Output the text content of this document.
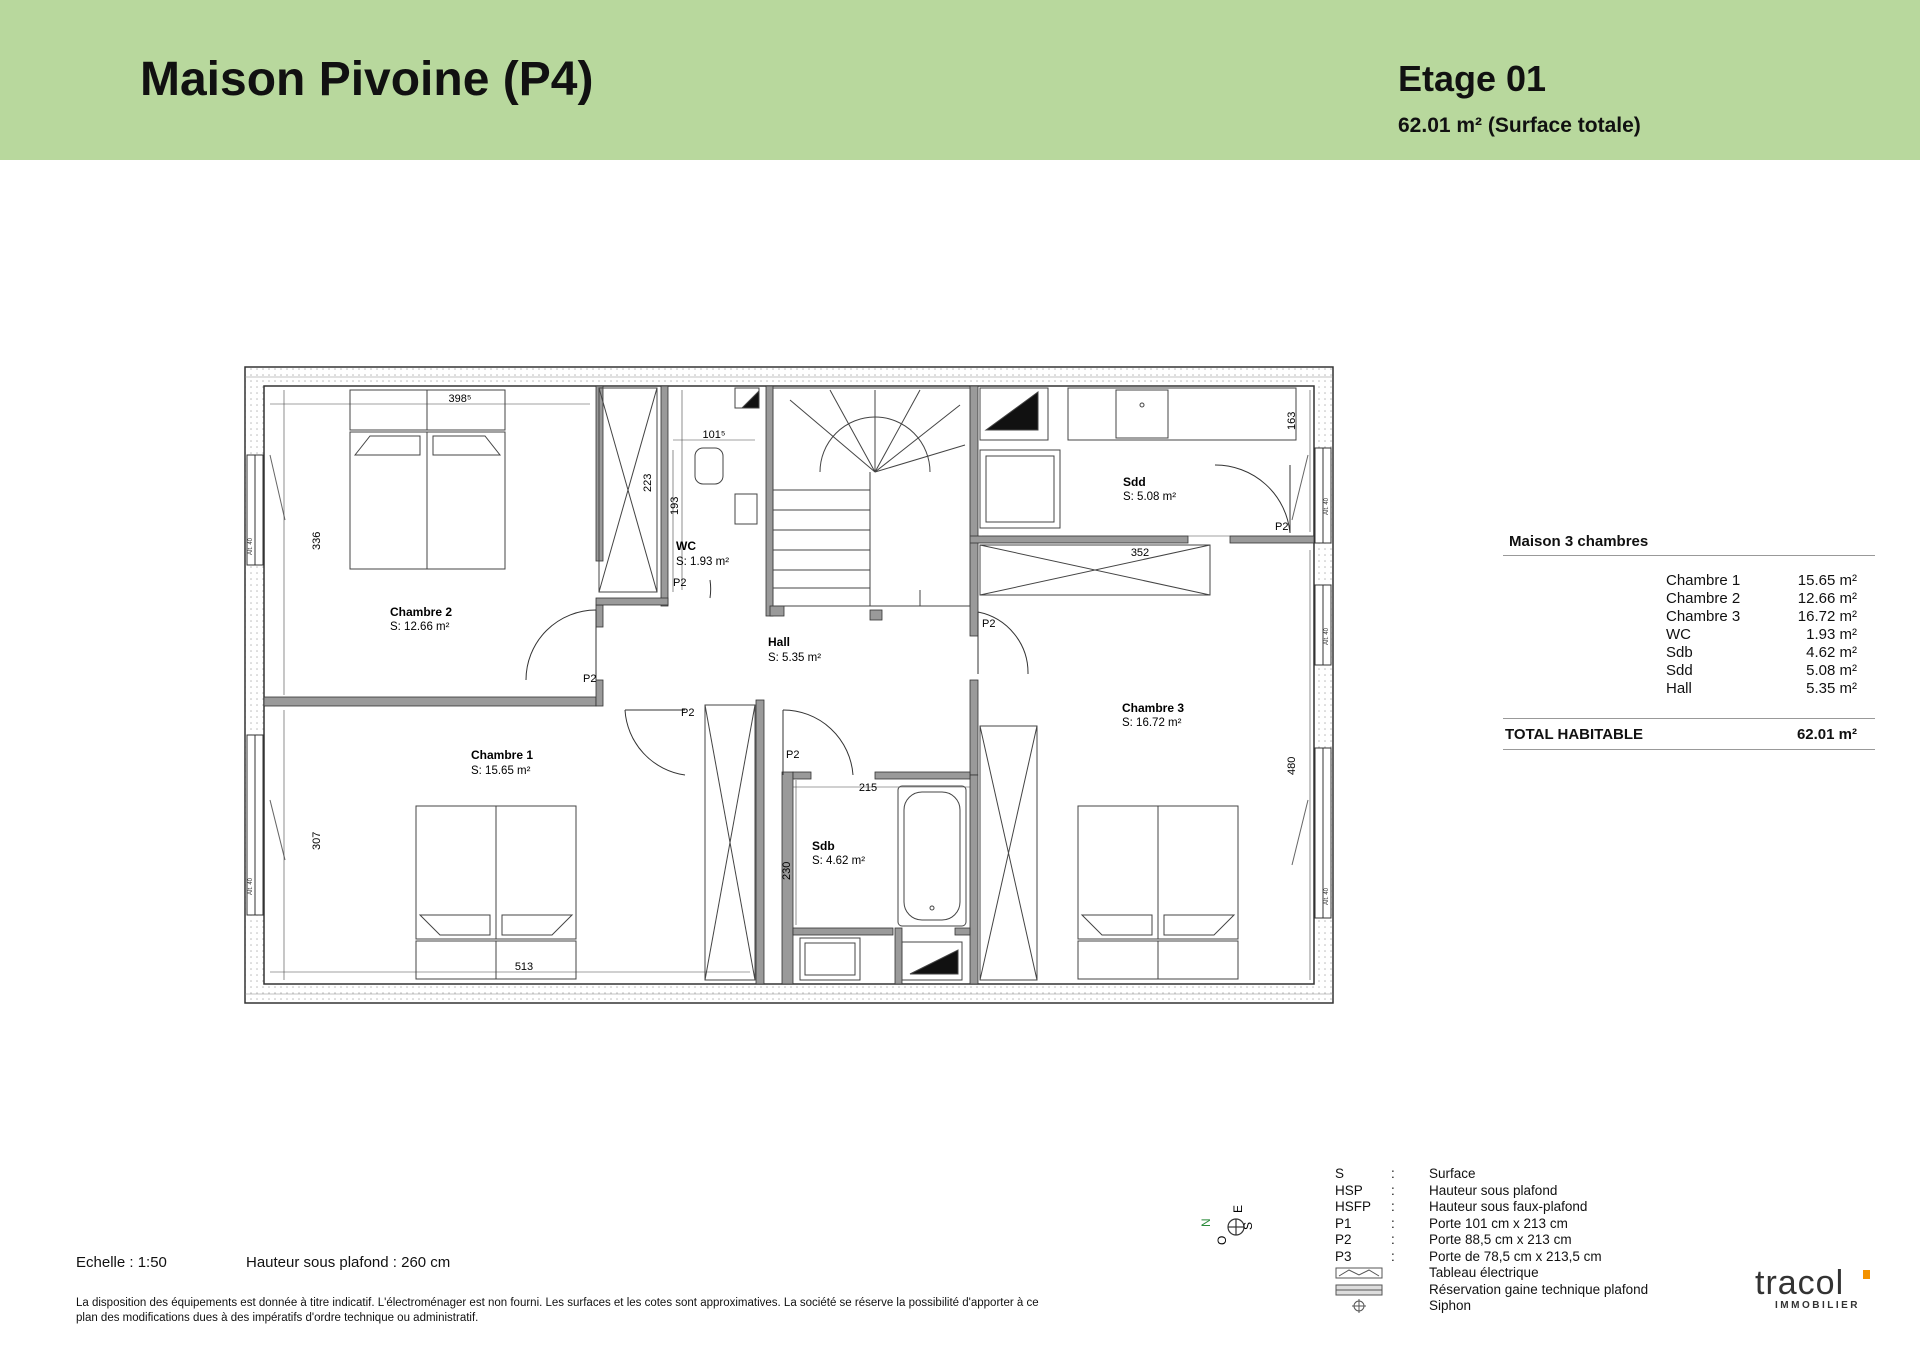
Maison Pivoine (P4)	Etage 01
62.01 m² (Surface totale)
Alt. 40
Alt. 40
Alt. 40
Alt. 40
Alt. 40
398⁵
101⁵
336
223
193
163
352
215
230
480
307
513
P2
P2
P2
P2
P2
P2
Chambre 2
S: 12.66 m²
WC
S: 1.93 m²
Hall
S: 5.35 m²
Sdd
S: 5.08 m²
Chambre 1
S: 15.65 m²
Sdb
S: 4.62 m²
Chambre 3
S: 16.72 m²
Maison 3 chambres
Chambre 1	15.65 m²
Chambre 2	12.66 m²
Chambre 3	16.72 m²
WC	1.93 m²
Sdb	4.62 m²
Sdd	5.08 m²
Hall	5.35 m²
TOTAL HABITABLE	62.01 m²
N
O
E
S
S	:	Surface
HSP :	Hauteur sous plafond
HSFP :	Hauteur sous faux-plafond
P1	:	Porte 101 cm x 213 cm
P2	:	Porte 88,5 cm x 213 cm
P3	:	Porte de 78,5 cm x 213,5 cm
Tableau électrique
Réservation gaine technique plafond
Siphon
Echelle : 1:50	Hauteur sous plafond : 260 cm
La disposition des équipements est donnée à titre indicatif. L'électroménager est non fourni. Les surfaces et les cotes sont approximatives. La société se réserve la possibilité d'apporter à ce plan des modifications dues à des impératifs d'ordre technique ou administratif.
tracol
IMMOBILIER
